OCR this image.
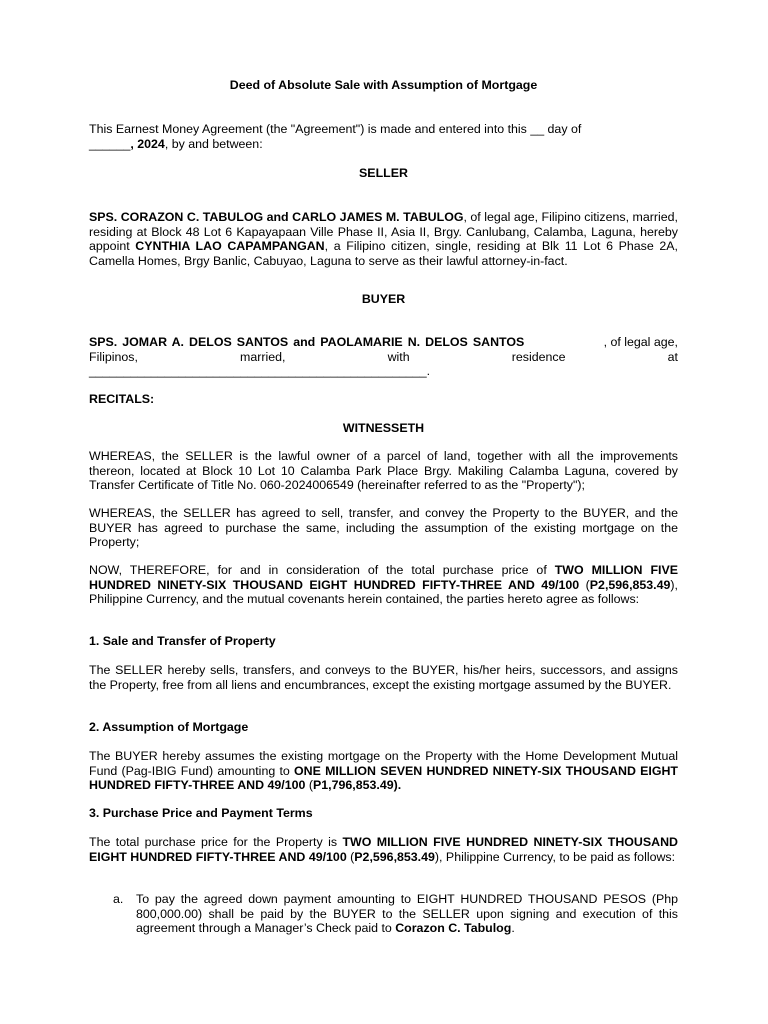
Deed of Absolute Sale with Assumption of Mortgage

This Earnest Money Agreement (the "Agreement") is made and entered into this __ day of
______, 2024, by and between:

SELLER

SPS. CORAZON C. TABULOG and CARLO JAMES M. TABULOG, of legal age, Filipino citizens, married, residing at Block 48 Lot 6 Kapayapaan Ville Phase II, Asia II, Brgy. Canlubang, Calamba, Laguna, hereby appoint CYNTHIA LAO CAPAMPANGAN, a Filipino citizen, single, residing at Blk 11 Lot 6 Phase 2A, Camella Homes, Brgy Banlic, Cabuyao, Laguna to serve as their lawful attorney-in-fact.

BUYER

SPS. JOMAR A. DELOS SANTOS and PAOLAMARIE N. DELOS SANTOS	, of legal age,
Filipinos,	married,	with	residence	at
_________________________________________________.

RECITALS:

WITNESSETH

WHEREAS, the SELLER is the lawful owner of a parcel of land, together with all the improvements thereon, located at Block 10 Lot 10 Calamba Park Place Brgy. Makiling Calamba Laguna, covered by Transfer Certificate of Title No. 060-2024006549 (hereinafter referred to as the "Property");

WHEREAS, the SELLER has agreed to sell, transfer, and convey the Property to the BUYER, and the BUYER has agreed to purchase the same, including the assumption of the existing mortgage on the Property;

NOW, THEREFORE, for and in consideration of the total purchase price of TWO MILLION FIVE HUNDRED NINETY-SIX THOUSAND EIGHT HUNDRED FIFTY-THREE AND 49/100 (P2,596,853.49), Philippine Currency, and the mutual covenants herein contained, the parties hereto agree as follows:

1. Sale and Transfer of Property

The SELLER hereby sells, transfers, and conveys to the BUYER, his/her heirs, successors, and assigns the Property, free from all liens and encumbrances, except the existing mortgage assumed by the BUYER.

2. Assumption of Mortgage

The BUYER hereby assumes the existing mortgage on the Property with the Home Development Mutual Fund (Pag-IBIG Fund) amounting to ONE MILLION SEVEN HUNDRED NINETY-SIX THOUSAND EIGHT HUNDRED FIFTY-THREE AND 49/100 (P1,796,853.49).

3. Purchase Price and Payment Terms

The total purchase price for the Property is TWO MILLION FIVE HUNDRED NINETY-SIX THOUSAND EIGHT HUNDRED FIFTY-THREE AND 49/100 (P2,596,853.49), Philippine Currency, to be paid as follows:

a. To pay the agreed down payment amounting to EIGHT HUNDRED THOUSAND PESOS (Php 800,000.00) shall be paid by the BUYER to the SELLER upon signing and execution of this agreement through a Manager’s Check paid to Corazon C. Tabulog.
